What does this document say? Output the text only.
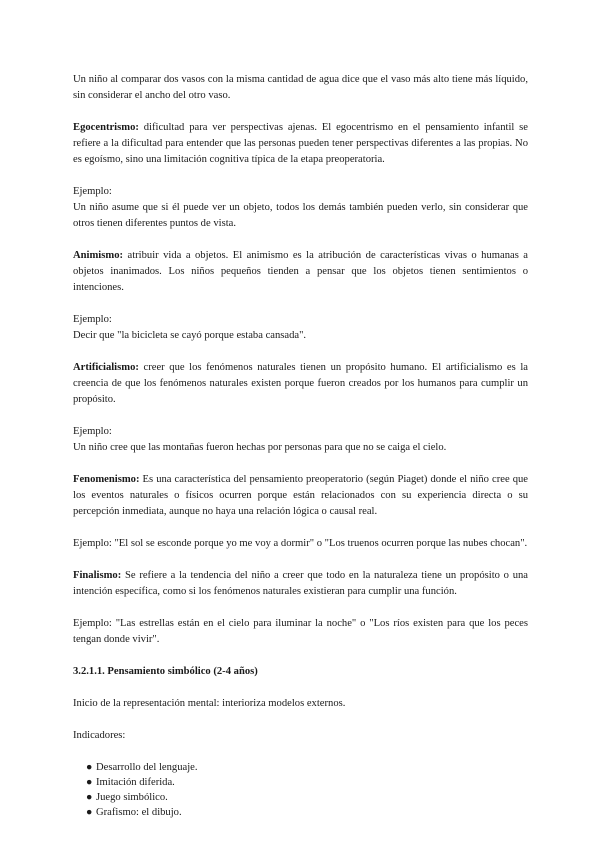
Un niño al comparar dos vasos con la misma cantidad de agua dice que el vaso más alto tiene más líquido, sin considerar el ancho del otro vaso.

Egocentrismo: dificultad para ver perspectivas ajenas. El egocentrismo en el pensamiento infantil se refiere a la dificultad para entender que las personas pueden tener perspectivas diferentes a las propias. No es egoísmo, sino una limitación cognitiva típica de la etapa preoperatoria.

Ejemplo:
Un niño asume que si él puede ver un objeto, todos los demás también pueden verlo, sin considerar que otros tienen diferentes puntos de vista.

Animismo: atribuir vida a objetos. El animismo es la atribución de características vivas o humanas a objetos inanimados. Los niños pequeños tienden a pensar que los objetos tienen sentimientos o intenciones.

Ejemplo:
Decir que "la bicicleta se cayó porque estaba cansada".

Artificialismo: creer que los fenómenos naturales tienen un propósito humano. El artificialismo es la creencia de que los fenómenos naturales existen porque fueron creados por los humanos para cumplir un propósito.

Ejemplo:
Un niño cree que las montañas fueron hechas por personas para que no se caiga el cielo.

Fenomenismo: Es una característica del pensamiento preoperatorio (según Piaget) donde el niño cree que los eventos naturales o físicos ocurren porque están relacionados con su experiencia directa o su percepción inmediata, aunque no haya una relación lógica o causal real.

Ejemplo: "El sol se esconde porque yo me voy a dormir" o "Los truenos ocurren porque las nubes chocan".

Finalismo: Se refiere a la tendencia del niño a creer que todo en la naturaleza tiene un propósito o una intención específica, como si los fenómenos naturales existieran para cumplir una función.

Ejemplo: "Las estrellas están en el cielo para iluminar la noche" o "Los ríos existen para que los peces tengan donde vivir".

3.2.1.1. Pensamiento simbólico (2-4 años)

Inicio de la representación mental: interioriza modelos externos.

Indicadores:

● Desarrollo del lenguaje.
● Imitación diferida.
● Juego simbólico.
● Grafismo: el dibujo.
